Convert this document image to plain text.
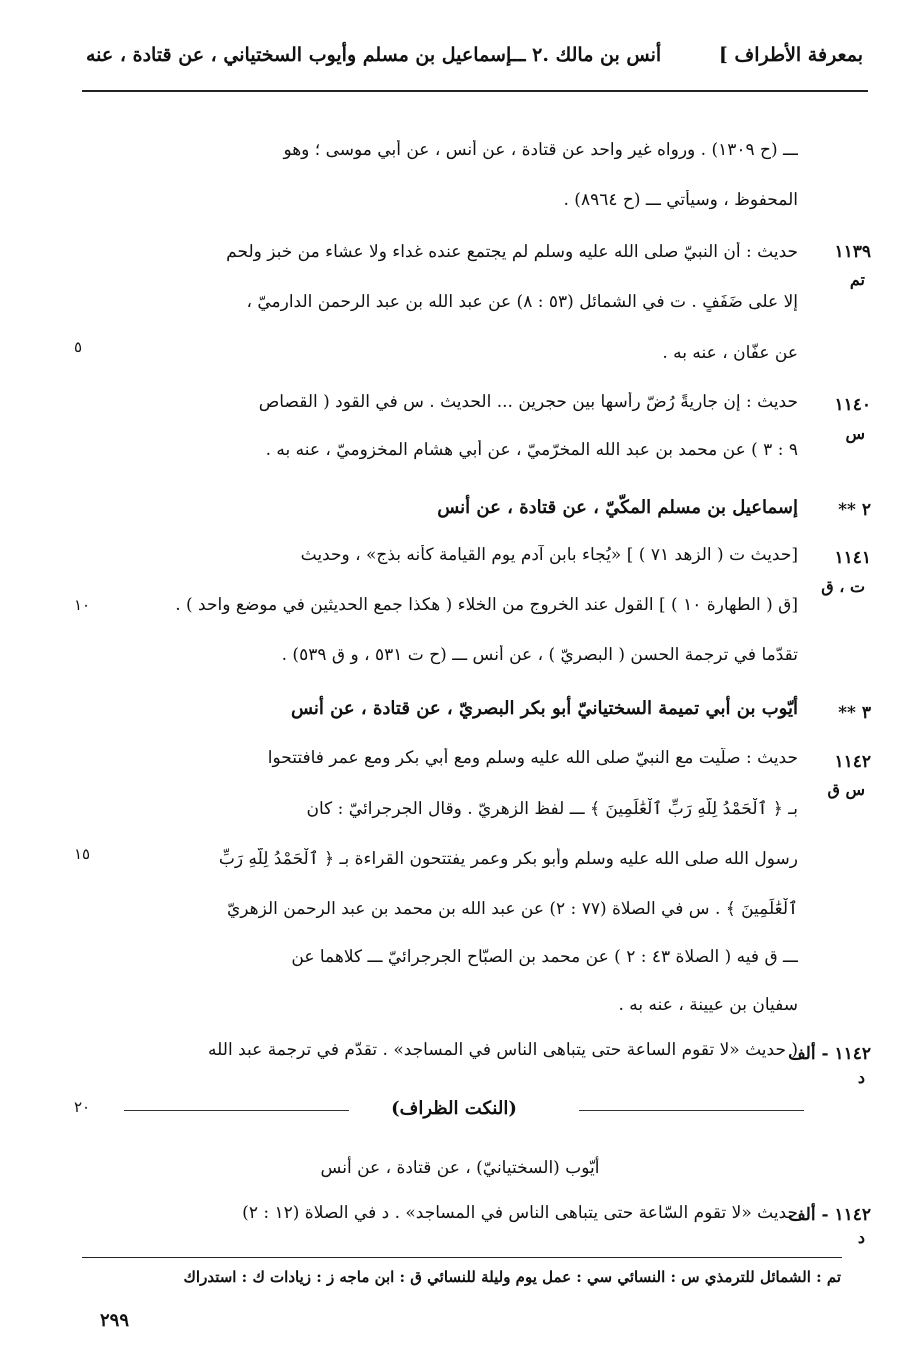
بمعرفة الأطراف ]
أنس بن مالك .٢ ـــ
إسماعيل بن مسلم وأيوب السختياني ، عن قتادة ، عنه
ـــ (ح ١٣٠٩) . ورواه غير واحد عن قتادة ، عن أنس ، عن أبي موسى ؛ وهو
المحفوظ ، وسيأتي ـــ (ح ٨٩٦٤) .
١١٣٩
تم
حديث : أن النبيّ صلى الله عليه وسلم لم يجتمع عنده غداء ولا عشاء من خبز ولحم
إلا على ضَفَفٍ . ت في الشمائل (٥٣ : ٨) عن عبد الله بن عبد الرحمن الدارميّ ،
٥	عن عفّان ، عنه به .
١١٤٠
س
حديث : إن جاريةً رُضّ رأسها بين حجرين ... الحديث . س في القود ( القصاص
٩ : ٣ ) عن محمد بن عبد الله المخرّميّ ، عن أبي هشام المخزوميّ ، عنه به .
٢ **
إسماعيل بن مسلم المكّيّ ، عن قتادة ، عن أنس
١١٤١
ت ، ق
[حديث ت ( الزهد ٧١ ) ] «يُجاء بابن آدم يوم القيامة كأنه بذج» ، وحديث
[ق ( الطهارة ١٠ ) ] القول عند الخروج من الخلاء ( هكذا جمع الحديثين في موضع واحد ) .
١٠
تقدّما في ترجمة الحسن ( البصريّ ) ، عن أنس ـــ (ح ت ٥٣١ ، و ق ٥٣٩) .
٣ **
أيّوب بن أبي تميمة السختيانيّ أبو بكر البصريّ ، عن قتادة ، عن أنس
١١٤٢
س ق
حديث : صلّيت مع النبيّ صلى الله عليه وسلم ومع أبي بكر ومع عمر فافتتحوا
بـ ﴿ ٱلْحَمْدُ لِلَّهِ رَبِّ ٱلْعَٰلَمِينَ ﴾ ـــ لفظ الزهريّ . وقال الجرجرائيّ : كان
رسول الله صلى الله عليه وسلم وأبو بكر وعمر يفتتحون القراءة بـ ﴿ ٱلْحَمْدُ لِلَّهِ رَبِّ
١٥
ٱلْعَٰلَمِينَ ﴾ . س في الصلاة (٧٧ : ٢) عن عبد الله بن محمد بن عبد الرحمن الزهريّ
ـــ ق فيه ( الصلاة ٤٣ : ٢ ) عن محمد بن الصبّاح الجرجرائيّ ـــ كلاهما عن
سفيان بن عيينة ، عنه به .
١١٤٢ - ألف
د
( حديث «لا تقوم الساعة حتى يتباهى الناس في المساجد» . تقدّم في ترجمة عبد الله
٢٠	(النكت الظراف)
أيّوب (السختيانيّ) ، عن قتادة ، عن أنس
١١٤٢ - ألف
د
حديث «لا تقوم السّاعة حتى يتباهى الناس في المساجد» . د في الصلاة (١٢ : ٢)
تم : الشمائل للترمذي س : النسائي سي : عمل يوم وليلة للنسائي ق : ابن ماجه ز : زيادات ك : استدراك
٢٩٩
